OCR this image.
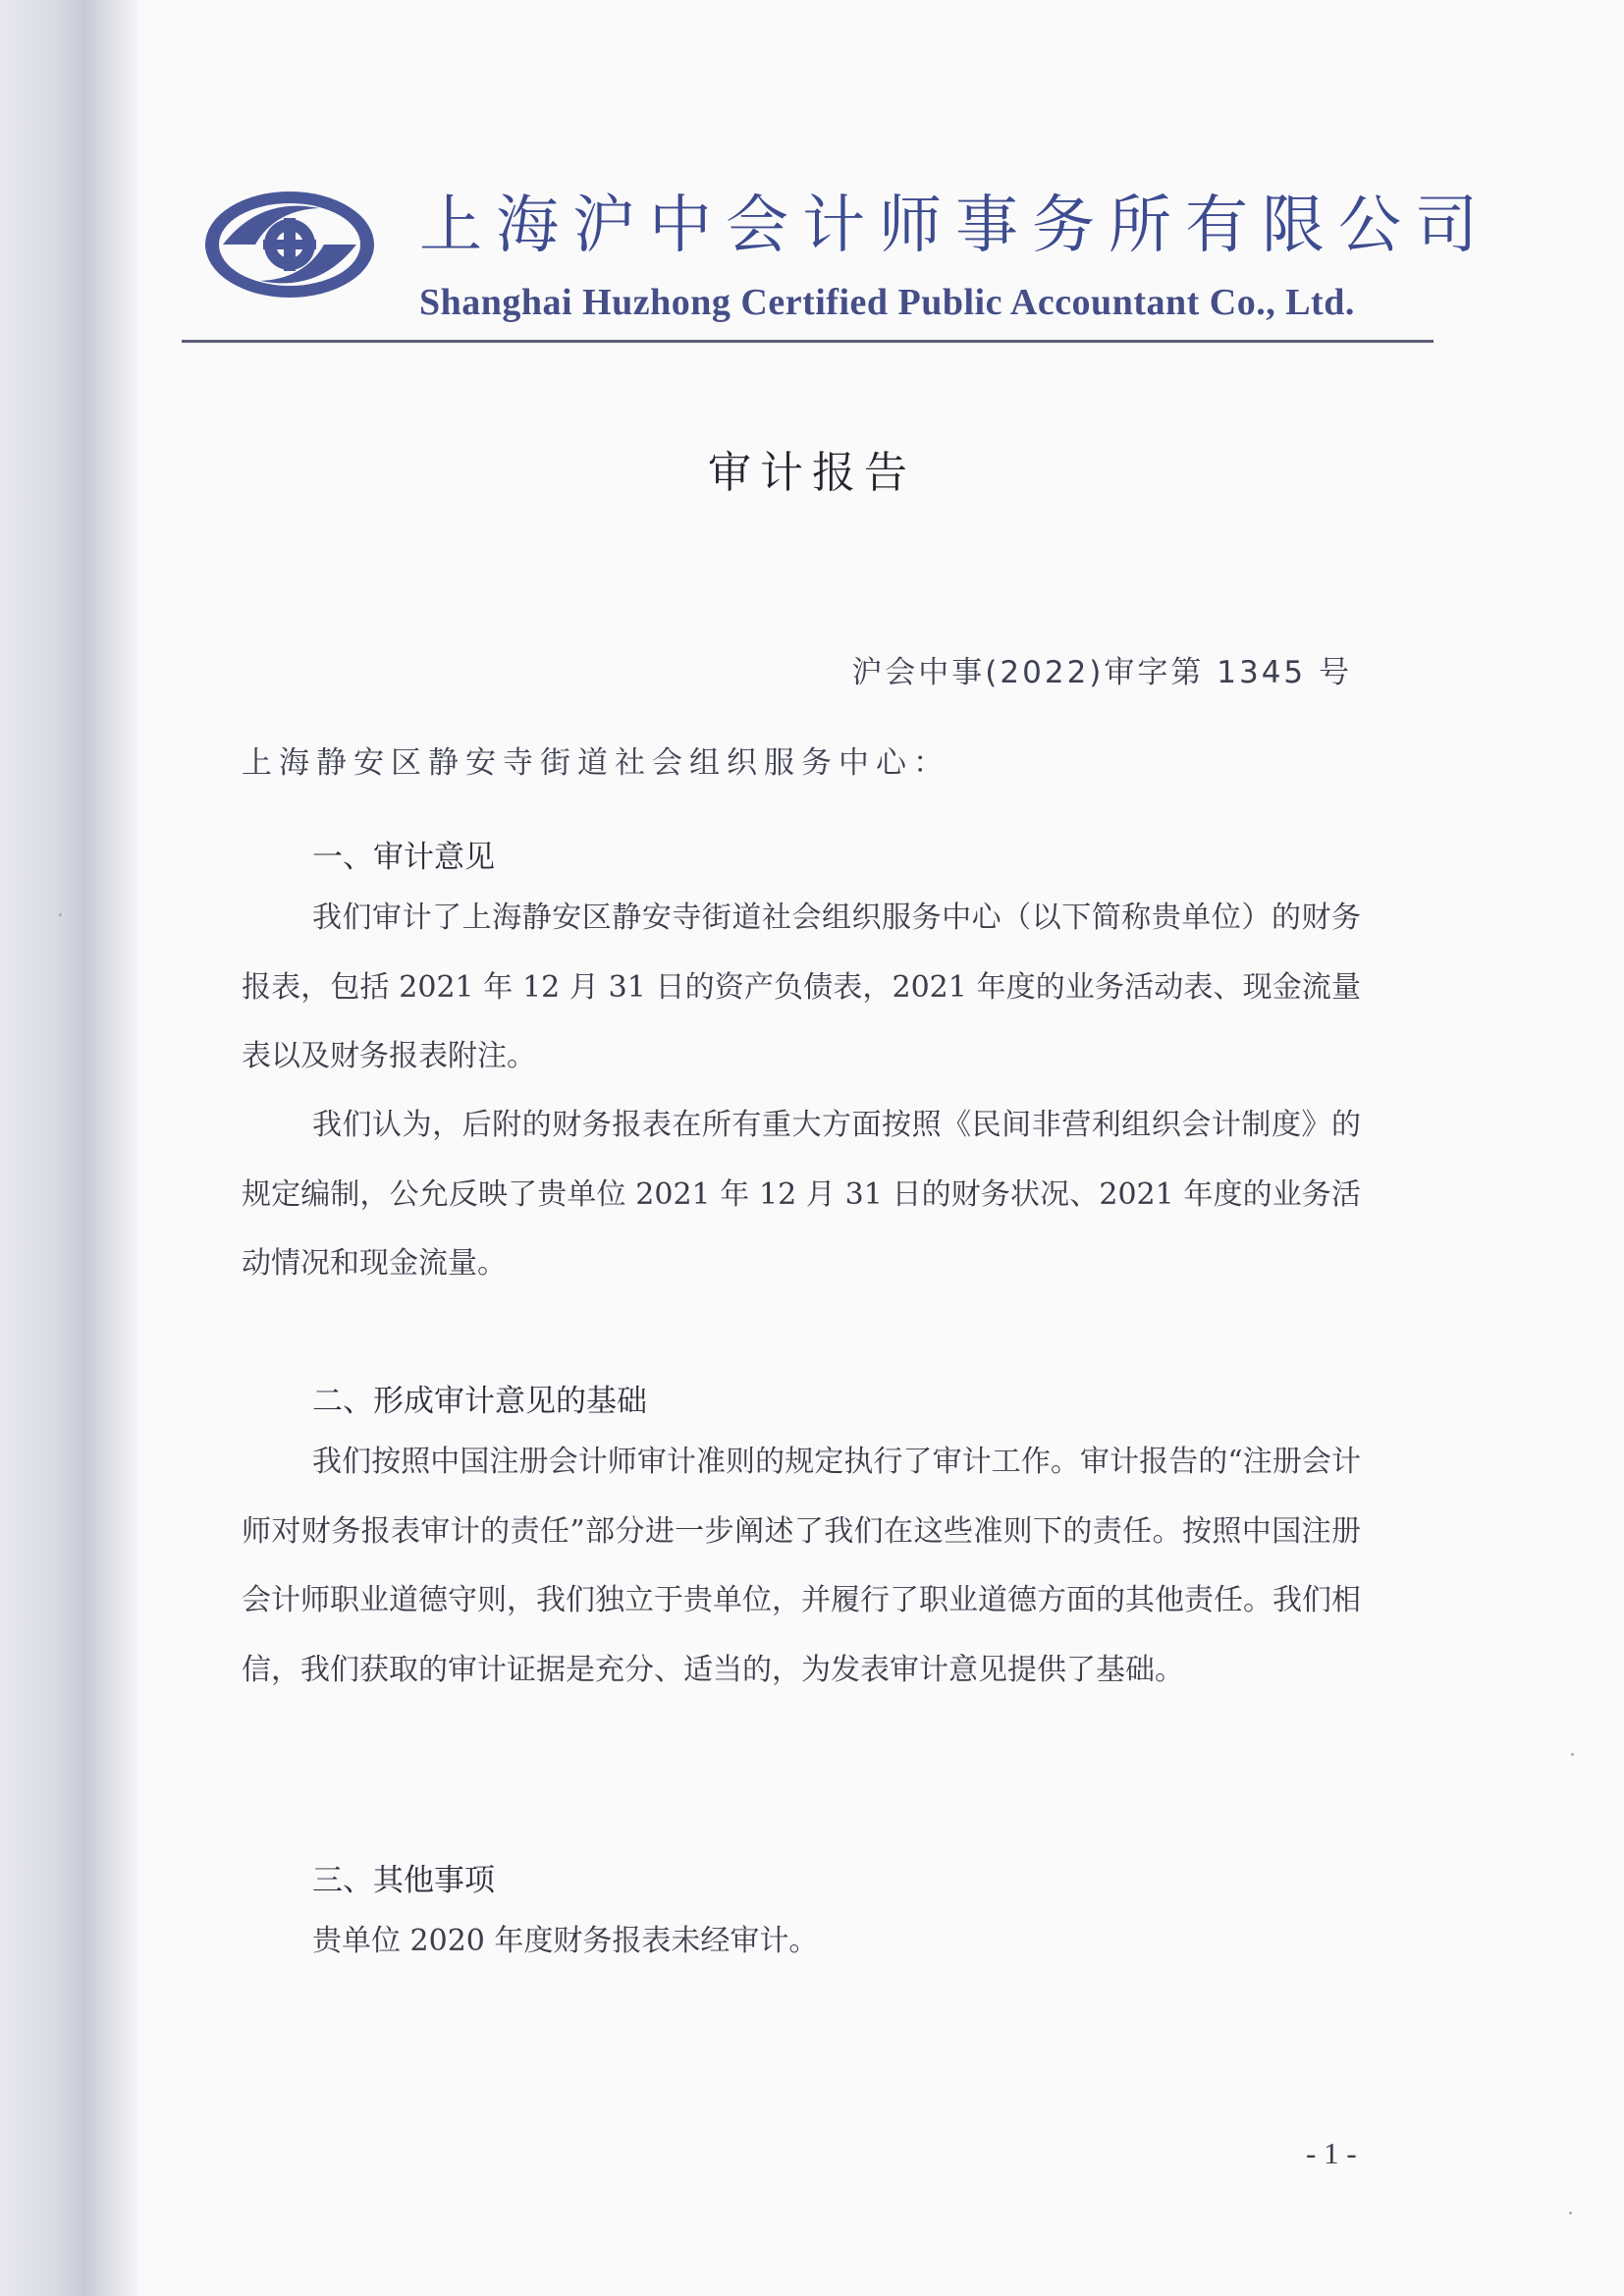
上海沪中会计师事务所有限公司
Shanghai Huzhong Certified Public Accountant Co., Ltd.
审计报告
沪会中事(2022)审字第 1345 号
上海静安区静安寺街道社会组织服务中心：
一、审计意见

我们审计了上海静安区静安寺街道社会组织服务中心（以下简称贵单位）的财务报表，包括 2021 年 12 月 31 日的资产负债表，2021 年度的业务活动表、现金流量表以及财务报表附注。

我们认为，后附的财务报表在所有重大方面按照《民间非营利组织会计制度》的规定编制，公允反映了贵单位 2021 年 12 月 31 日的财务状况、2021 年度的业务活动情况和现金流量。

二、形成审计意见的基础

我们按照中国注册会计师审计准则的规定执行了审计工作。审计报告的“注册会计师对财务报表审计的责任”部分进一步阐述了我们在这些准则下的责任。按照中国注册会计师职业道德守则，我们独立于贵单位，并履行了职业道德方面的其他责任。我们相信，我们获取的审计证据是充分、适当的，为发表审计意见提供了基础。

三、其他事项

贵单位 2020 年度财务报表未经审计。

- 1 -
